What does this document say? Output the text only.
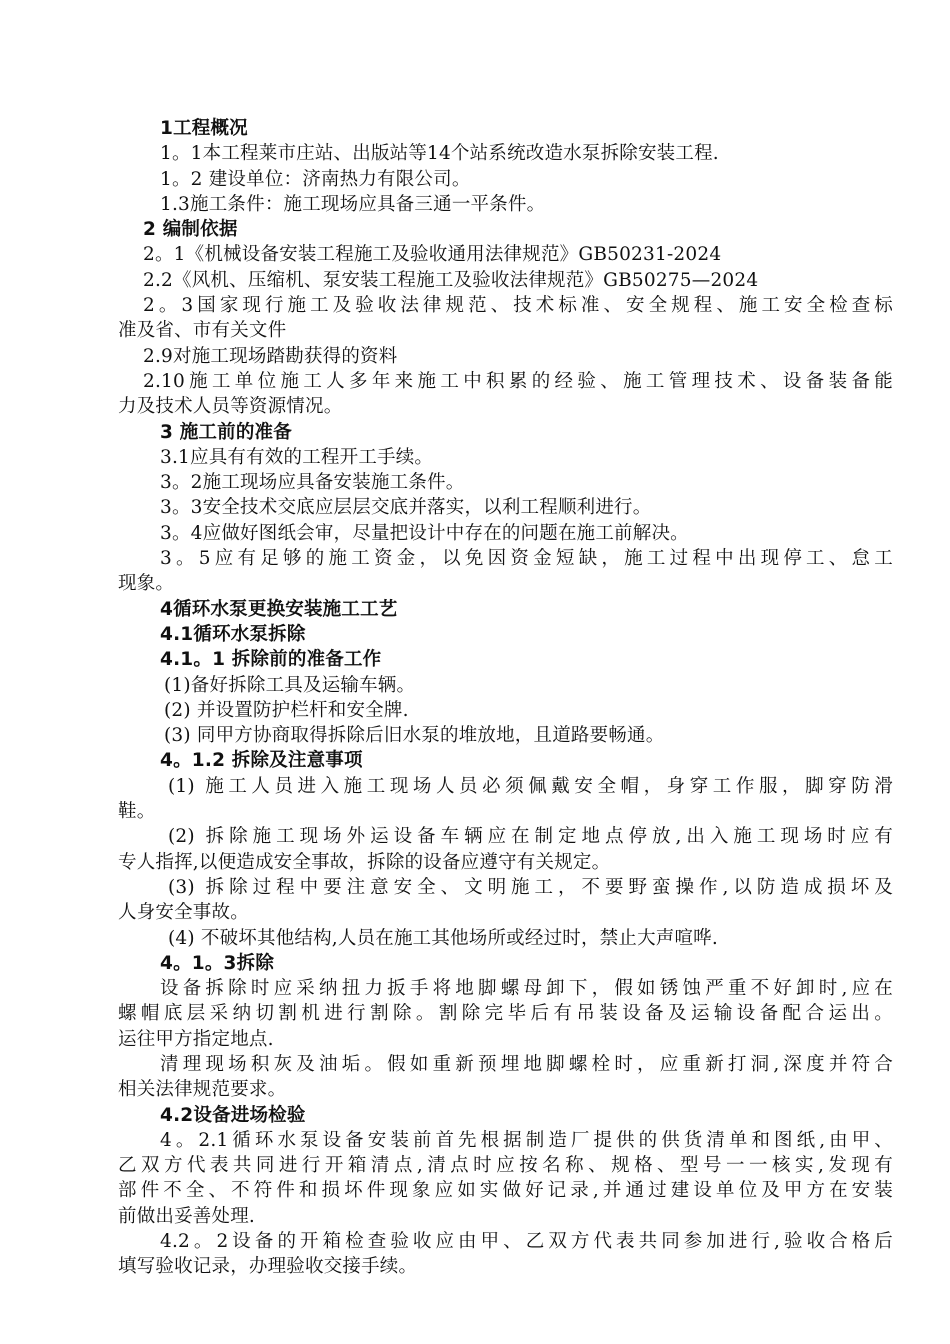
1工程概况

1。1本工程莱市庄站、出版站等14个站系统改造水泵拆除安装工程.

1。2 建设单位：济南热力有限公司。

1.3施工条件：施工现场应具备三通一平条件。

2 编制依据

2。1《机械设备安装工程施工及验收通用法律规范》GB50231-2024

2.2《风机、压缩机、泵安装工程施工及验收法律规范》GB50275—2024

2。3国家现行施工及验收法律规范、技术标准、安全规程、施工安全检查标

准及省、市有关文件

2.9对施工现场踏勘获得的资料

2.10施工单位施工人多年来施工中积累的经验、施工管理技术、设备装备能

力及技术人员等资源情况。

3 施工前的准备

3.1应具有有效的工程开工手续。

3。2施工现场应具备安装施工条件。

3。3安全技术交底应层层交底并落实，以利工程顺利进行。

3。4应做好图纸会审，尽量把设计中存在的问题在施工前解决。

3。5应有足够的施工资金，以免因资金短缺，施工过程中出现停工、怠工

现象。

4循环水泵更换安装施工工艺

4.1循环水泵拆除

4.1。1 拆除前的准备工作

(1)备好拆除工具及运输车辆。

(2) 并设置防护栏杆和安全牌.

(3) 同甲方协商取得拆除后旧水泵的堆放地，且道路要畅通。

4。1.2 拆除及注意事项

(1) 施工人员进入施工现场人员必须佩戴安全帽，身穿工作服，脚穿防滑

鞋。

(2) 拆除施工现场外运设备车辆应在制定地点停放,出入施工现场时应有

专人指挥,以便造成安全事故，拆除的设备应遵守有关规定。

(3) 拆除过程中要注意安全、文明施工，不要野蛮操作,以防造成损坏及

人身安全事故。

(4) 不破坏其他结构,人员在施工其他场所或经过时，禁止大声喧哗.

4。1。3拆除

设备拆除时应采纳扭力扳手将地脚螺母卸下，假如锈蚀严重不好卸时,应在

螺帽底层采纳切割机进行割除。割除完毕后有吊装设备及运输设备配合运出。

运往甲方指定地点.

清理现场积灰及油垢。假如重新预埋地脚螺栓时，应重新打洞,深度并符合

相关法律规范要求。

4.2设备进场检验

4。2.1循环水泵设备安装前首先根据制造厂提供的供货清单和图纸,由甲、

乙双方代表共同进行开箱清点,清点时应按名称、规格、型号一一核实,发现有

部件不全、不符件和损坏件现象应如实做好记录,并通过建设单位及甲方在安装

前做出妥善处理.

4.2。2设备的开箱检查验收应由甲、乙双方代表共同参加进行,验收合格后

填写验收记录，办理验收交接手续。
